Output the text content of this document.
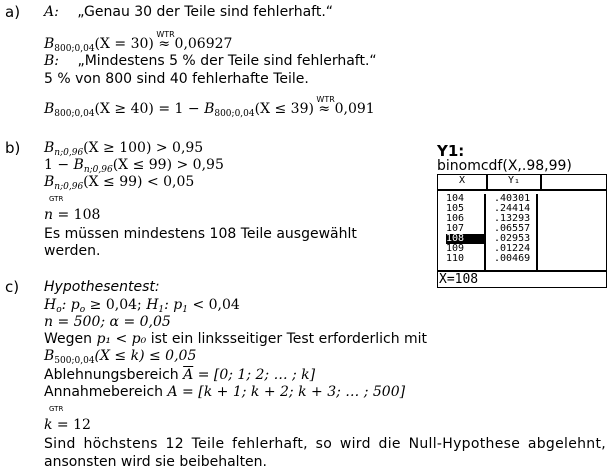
a) A: „Genau 30 der Teile sind fehlerhaft.“
$B_{800;0,04}(X = 30)$
WTR
≈ 0,06927
B: „Mindestens 5 % der Teile sind fehlerhaft.“
5 % von 800 sind 40 fehlerhafte Teile.
$B_{800;0,04}(X \ge 40) = 1 - B_{800;0,04}(X \le 39)$
WTR
≈ 0,091
b) $B_{n;0,96}(X \ge 100) > 0,95$
$1 - B_{n;0,96}(X \le 99) > 0,95$
$B_{n;0,96}(X \le 99) < 0,05$
GTR
n = 108
Es müssen mindestens 108 Teile ausgewählt
werden.
Y1:
binomcdf(X,.98,99)
X	Y₁
104
105
106
107
108
109
110
.40301
.24414
.13293
.06557
.02953
.01224
.00469
X=108
c) Hypothesentest:
$H_o$: $p_o \ge 0,04$; $H_1$: $p_1 < 0,04$
n = 500; α = 0,05
Wegen p₁ < p₀ ist ein linksseitiger Test erforderlich mit
$B_{500;0,04}(X \le k) \le 0,05$
Ablehnungsbereich $\overline{A} = [0$; 1; 2; … ; k]
Annahmebereich A = [k + 1; k + 2; k + 3; … ; 500]
GTR
k = 12
Sind höchstens 12 Teile fehlerhaft, so wird die Null-Hypothese abgelehnt,
ansonsten wird sie beibehalten.
